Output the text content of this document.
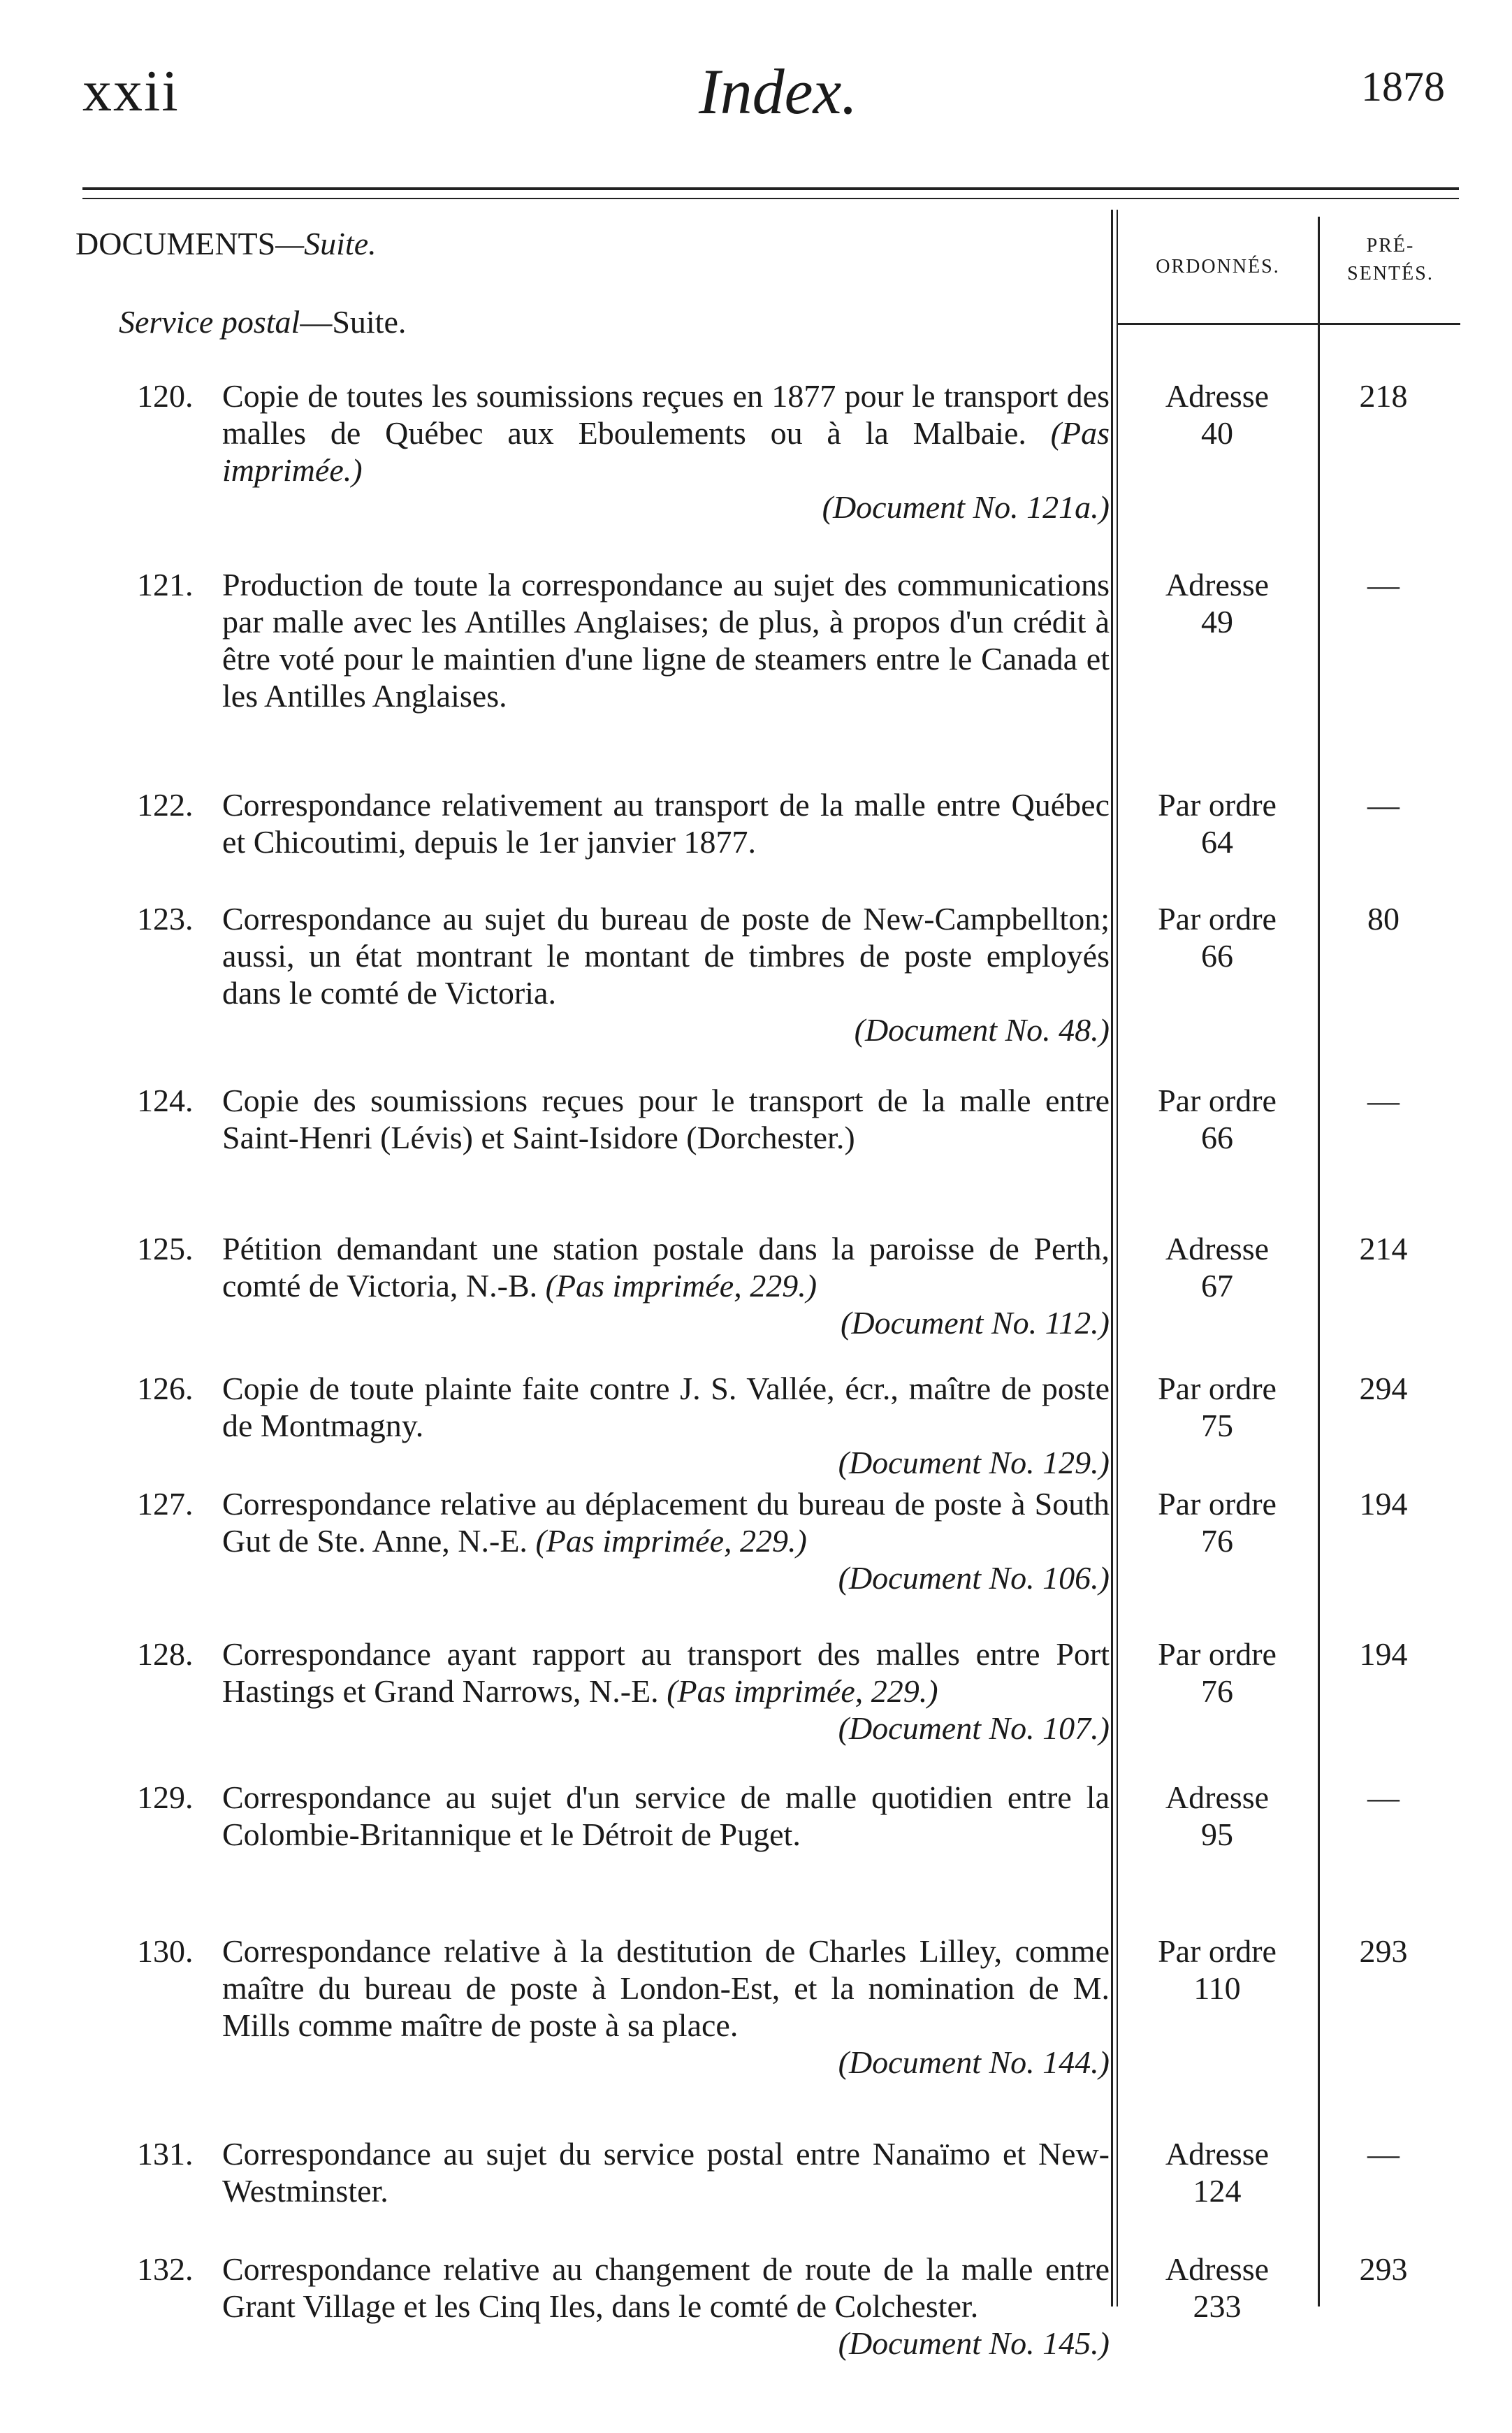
xxii	Index.	1878
ORDONNÉS.
PRÉ-
SENTÉS.
DOCUMENTS—Suite.
Service postal—Suite.
120. Copie de toutes les soumissions reçues en 1877 pour le transport des malles de Québec aux Eboulements ou à la Malbaie. (Pas imprimée.)
(Document No. 121a.)
Adresse
40
218
121. Production de toute la correspondance au sujet des communications par malle avec les Antilles Anglaises; de plus, à propos d'un crédit à être voté pour le maintien d'une ligne de steamers entre le Canada et les Antilles Anglaises.
Adresse
49
—
122. Correspondance relativement au transport de la malle entre Québec et Chicoutimi, depuis le 1er janvier 1877.
Par ordre
64
—
123. Correspondance au sujet du bureau de poste de New-Campbellton; aussi, un état montrant le montant de timbres de poste employés dans le comté de Victoria.
(Document No. 48.)
Par ordre
66
80
124. Copie des soumissions reçues pour le transport de la malle entre Saint-Henri (Lévis) et Saint-Isidore (Dorchester.)
Par ordre
66
—
125. Pétition demandant une station postale dans la paroisse de Perth, comté de Victoria, N.-B. (Pas imprimée, 229.)
(Document No. 112.)
Adresse
67
214
126. Copie de toute plainte faite contre J. S. Vallée, écr., maître de poste de Montmagny.
(Document No. 129.)
Par ordre
75
294
127. Correspondance relative au déplacement du bureau de poste à South Gut de Ste. Anne, N.-E. (Pas imprimée, 229.)
(Document No. 106.)
Par ordre
76
194
128. Correspondance ayant rapport au transport des malles entre Port Hastings et Grand Narrows, N.-E. (Pas imprimée, 229.)
(Document No. 107.)
Par ordre
76
194
129. Correspondance au sujet d'un service de malle quotidien entre la Colombie-Britannique et le Détroit de Puget.
Adresse
95
—
130. Correspondance relative à la destitution de Charles Lilley, comme maître du bureau de poste à London-Est, et la nomination de M. Mills comme maître de poste à sa place.
(Document No. 144.)
Par ordre
110
293
131. Correspondance au sujet du service postal entre Nanaïmo et New-Westminster.
Adresse
124
—
132. Correspondance relative au changement de route de la malle entre Grant Village et les Cinq Iles, dans le comté de Colchester.
(Document No. 145.)
Adresse
233
293
